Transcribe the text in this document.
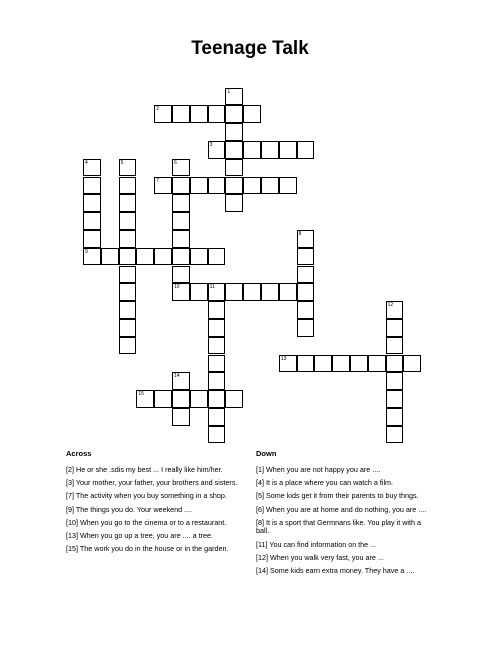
Teenage Talk
1
2
3
4
9
5	6
10
7
8
11
12
13
14
15
Across	Down
[2] He or she .sdis my best ... I really like him/her.
[3] Your mother, your father, your brothers and sisters.
[7] The activity when you buy something in a shop.
[9] The things you do. Your weekend ....
[10] When you go to the cinema or to a restaurant.
[13] When you go up a tree, you are .... a tree.
[15] The work you do in the house or in the garden.
[1] When you are not happy you are ....
[4] It is a place where you can watch a film.
[5] Some kids get it from their parents to buy thngs.
[6] When you are at home and do nothing, you are ....
[8] It is a sport that Germnans like. You play it with a ball.
[11] You can find information on the ...
[12] When you walk very fast, you are ...
[14] Some kids earn extra money. They have a ....
